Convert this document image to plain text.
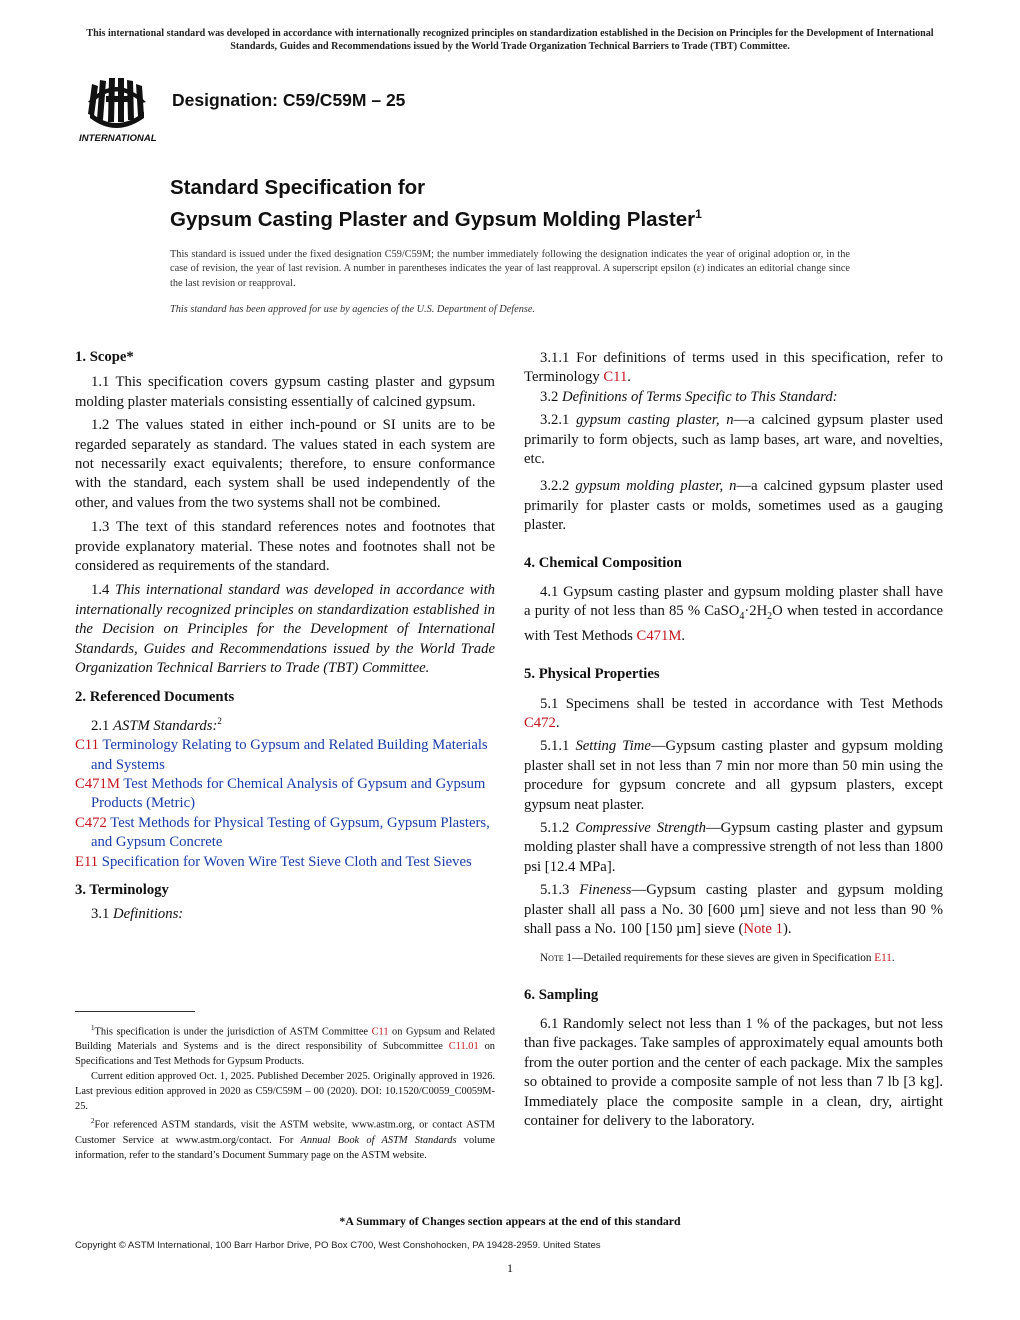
This international standard was developed in accordance with internationally recognized principles on standardization established in the Decision on Principles for the Development of International Standards, Guides and Recommendations issued by the World Trade Organization Technical Barriers to Trade (TBT) Committee.
ASTM
INTERNATIONAL
Designation: C59/C59M – 25
Standard Specification for
Gypsum Casting Plaster and Gypsum Molding Plaster$^1$
This standard is issued under the fixed designation C59/C59M; the number immediately following the designation indicates the year of original adoption or, in the case of revision, the year of last revision. A number in parentheses indicates the year of last reapproval. A superscript epsilon (ε) indicates an editorial change since the last revision or reapproval.
This standard has been approved for use by agencies of the U.S. Department of Defense.

1. Scope*

1.1 This specification covers gypsum casting plaster and gypsum molding plaster materials consisting essentially of calcined gypsum.

1.2 The values stated in either inch-pound or SI units are to be regarded separately as standard. The values stated in each system are not necessarily exact equivalents; therefore, to ensure conformance with the standard, each system shall be used independently of the other, and values from the two systems shall not be combined.

1.3 The text of this standard references notes and footnotes that provide explanatory material. These notes and footnotes shall not be considered as requirements of the standard.

1.4 This international standard was developed in accordance with internationally recognized principles on standardization established in the Decision on Principles for the Development of International Standards, Guides and Recommendations issued by the World Trade Organization Technical Barriers to Trade (TBT) Committee.

2. Referenced Documents

2.1 ASTM Standards:$^2$

C11 Terminology Relating to Gypsum and Related Building Materials and Systems

C471M Test Methods for Chemical Analysis of Gypsum and Gypsum Products (Metric)

C472 Test Methods for Physical Testing of Gypsum, Gypsum Plasters, and Gypsum Concrete

E11 Specification for Woven Wire Test Sieve Cloth and Test Sieves

3. Terminology

3.1 Definitions:

$^1$This specification is under the jurisdiction of ASTM Committee C11 on Gypsum and Related Building Materials and Systems and is the direct responsibility of Subcommittee C11.01 on Specifications and Test Methods for Gypsum Products.

Current edition approved Oct. 1, 2025. Published December 2025. Originally approved in 1926. Last previous edition approved in 2020 as C59/C59M – 00 (2020). DOI: 10.1520/C0059_C0059M-25.

$^2$For referenced ASTM standards, visit the ASTM website, www.astm.org, or contact ASTM Customer Service at www.astm.org/contact. For Annual Book of ASTM Standards volume information, refer to the standard’s Document Summary page on the ASTM website.

3.1.1 For definitions of terms used in this specification, refer to Terminology C11.

3.2 Definitions of Terms Specific to This Standard:

3.2.1 gypsum casting plaster, n—a calcined gypsum plaster used primarily to form objects, such as lamp bases, art ware, and novelties, etc.

3.2.2 gypsum molding plaster, n—a calcined gypsum plaster used primarily for plaster casts or molds, sometimes used as a gauging plaster.

4. Chemical Composition

4.1 Gypsum casting plaster and gypsum molding plaster shall have a purity of not less than 85 % $CaSO_4\cdot 2H_2O$ when tested in accordance with Test Methods C471M.

5. Physical Properties

5.1 Specimens shall be tested in accordance with Test Methods C472.

5.1.1 Setting Time—Gypsum casting plaster and gypsum molding plaster shall set in not less than 7 min nor more than 50 min using the procedure for gypsum concrete and all gypsum plasters, except gypsum neat plaster.

5.1.2 Compressive Strength—Gypsum casting plaster and gypsum molding plaster shall have a compressive strength of not less than 1800 psi [12.4 MPa].

5.1.3 Fineness—Gypsum casting plaster and gypsum molding plaster shall all pass a No. 30 [600 µm] sieve and not less than 90 % shall pass a No. 100 [150 µm] sieve (Note 1).

Note 1—Detailed requirements for these sieves are given in Specification E11.

6. Sampling

6.1 Randomly select not less than 1 % of the packages, but not less than five packages. Take samples of approximately equal amounts both from the outer portion and the center of each package. Mix the samples so obtained to provide a composite sample of not less than 7 lb [3 kg]. Immediately place the composite sample in a clean, dry, airtight container for delivery to the laboratory.

*A Summary of Changes section appears at the end of this standard
Copyright © ASTM International, 100 Barr Harbor Drive, PO Box C700, West Conshohocken, PA 19428-2959. United States
1
